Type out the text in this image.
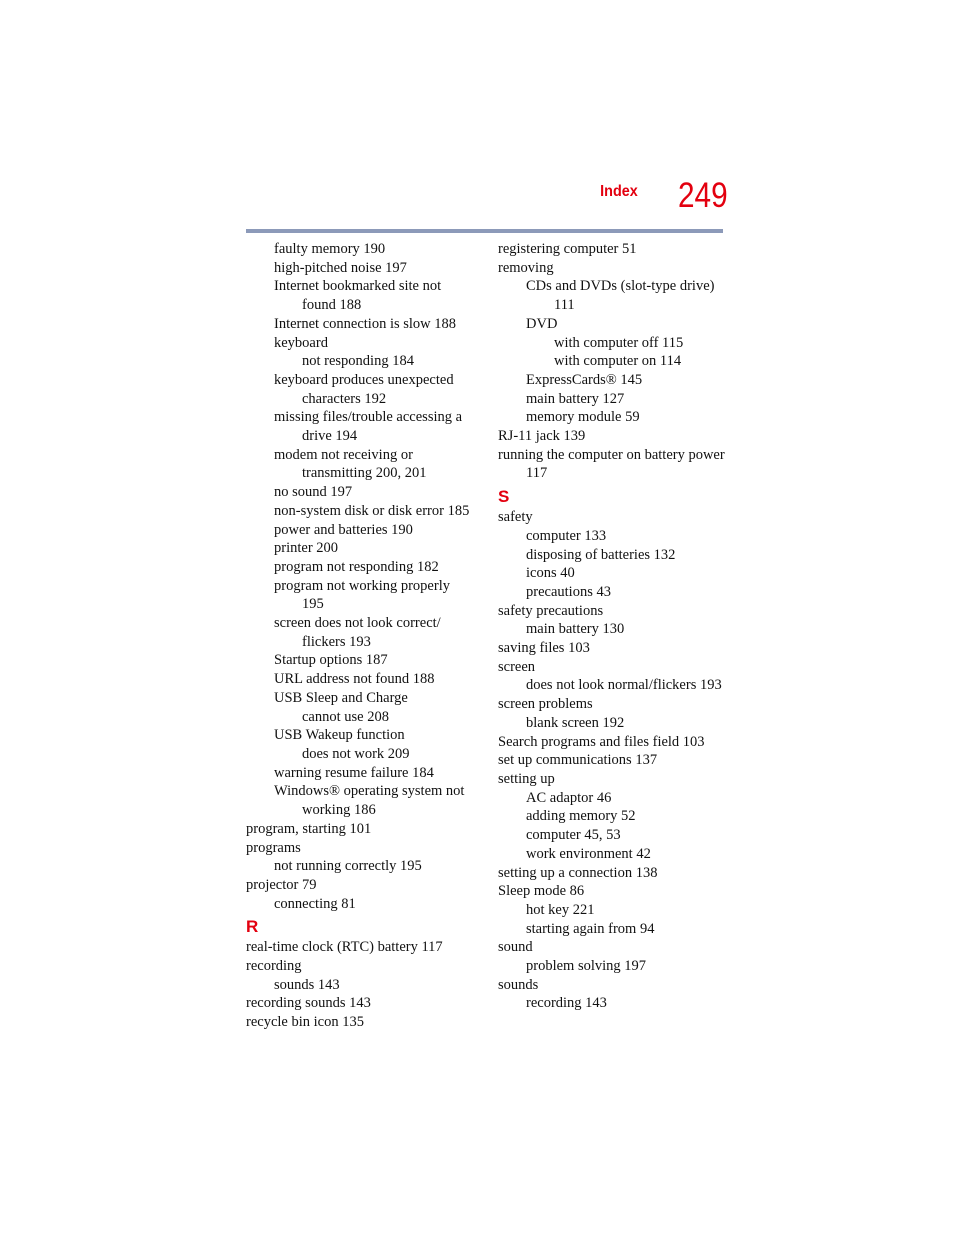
Index 249
faulty memory 190
high-pitched noise 197
Internet bookmarked site not
found 188
Internet connection is slow 188
keyboard
not responding 184
keyboard produces unexpected
characters 192
missing files/trouble accessing a
drive 194
modem not receiving or
transmitting 200, 201
no sound 197
non-system disk or disk error 185
power and batteries 190
printer 200
program not responding 182
program not working properly
195
screen does not look correct/
flickers 193
Startup options 187
URL address not found 188
USB Sleep and Charge
cannot use 208
USB Wakeup function
does not work 209
warning resume failure 184
Windows® operating system not
working 186
program, starting 101
programs
not running correctly 195
projector 79
connecting 81
R
real-time clock (RTC) battery 117
recording
sounds 143
recording sounds 143
recycle bin icon 135
registering computer 51
removing
CDs and DVDs (slot-type drive)
111
DVD
with computer off 115
with computer on 114
ExpressCards® 145
main battery 127
memory module 59
RJ-11 jack 139
running the computer on battery power
117
S
safety
computer 133
disposing of batteries 132
icons 40
precautions 43
safety precautions
main battery 130
saving files 103
screen
does not look normal/flickers 193
screen problems
blank screen 192
Search programs and files field 103
set up communications 137
setting up
AC adaptor 46
adding memory 52
computer 45, 53
work environment 42
setting up a connection 138
Sleep mode 86
hot key 221
starting again from 94
sound
problem solving 197
sounds
recording 143
